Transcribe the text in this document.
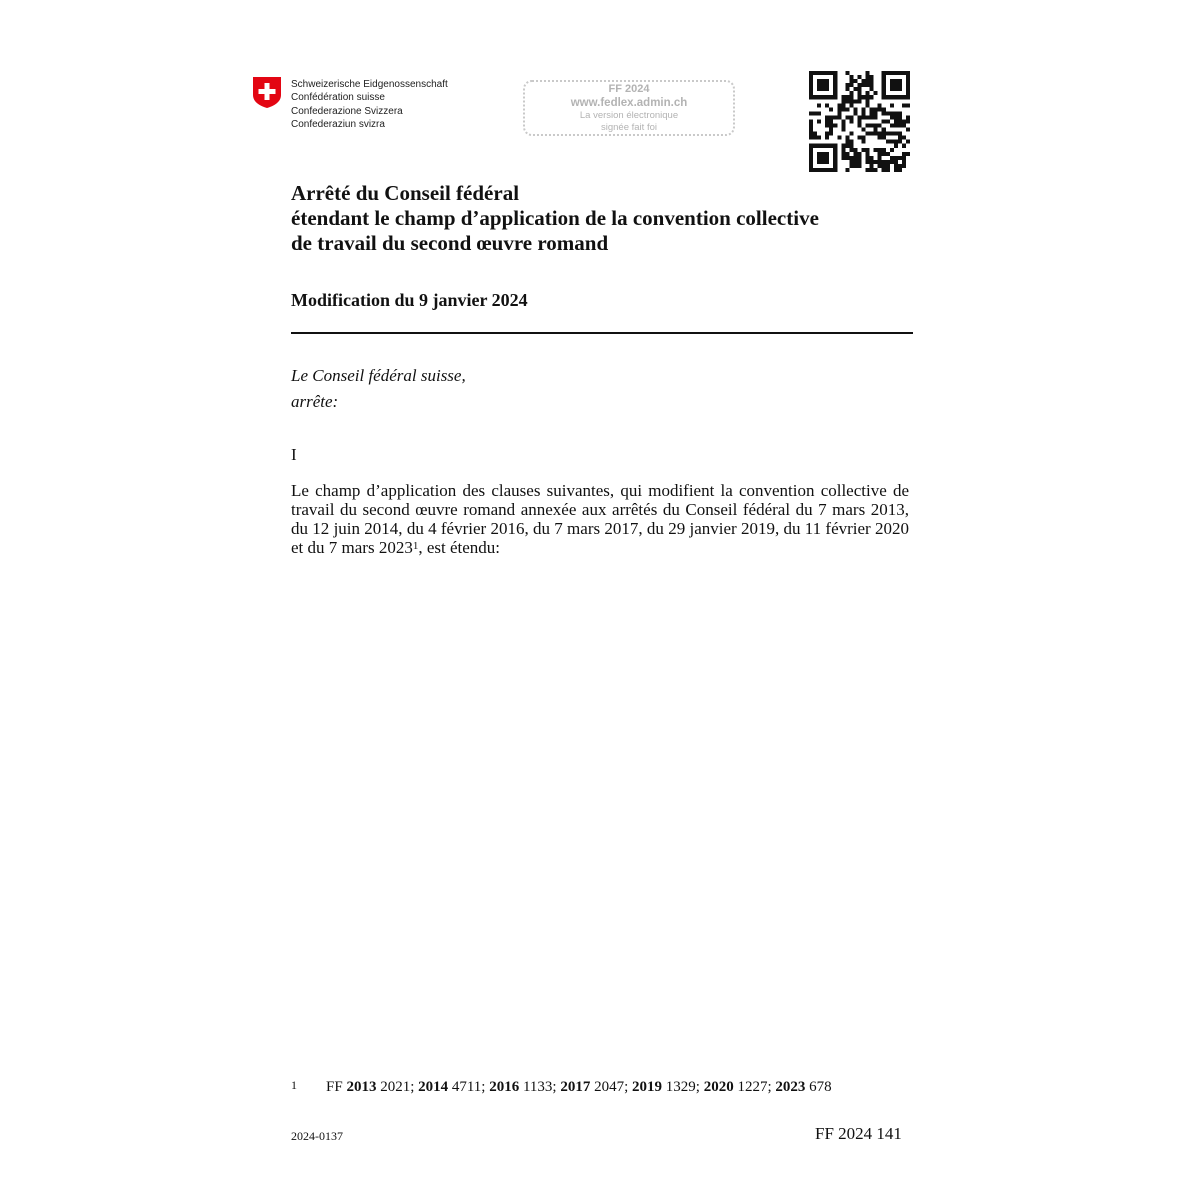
Schweizerische Eidgenossenschaft
Confédération suisse
Confederazione Svizzera
Confederaziun svizra
FF 2024
www.fedlex.admin.ch
La version électronique
signée fait foi
Arrêté du Conseil fédéral
étendant le champ d’application de la convention collective
de travail du second œuvre romand
Modification du 9 janvier 2024
Le Conseil fédéral suisse,
arrête:
I
Le champ d’application des clauses suivantes, qui modifient la convention collective de travail du second œuvre romand annexée aux arrêtés du Conseil fédéral du 7 mars 2013, du 12 juin 2014, du 4 février 2016, du 7 mars 2017, du 29 janvier 2019, du 11 février 2020 et du 7 mars 2023$^1$, est étendu:
1 FF 2013 2021; 2014 4711; 2016 1133; 2017 2047; 2019 1329; 2020 1227; 2023 678
2024-0137	FF 2024 141
